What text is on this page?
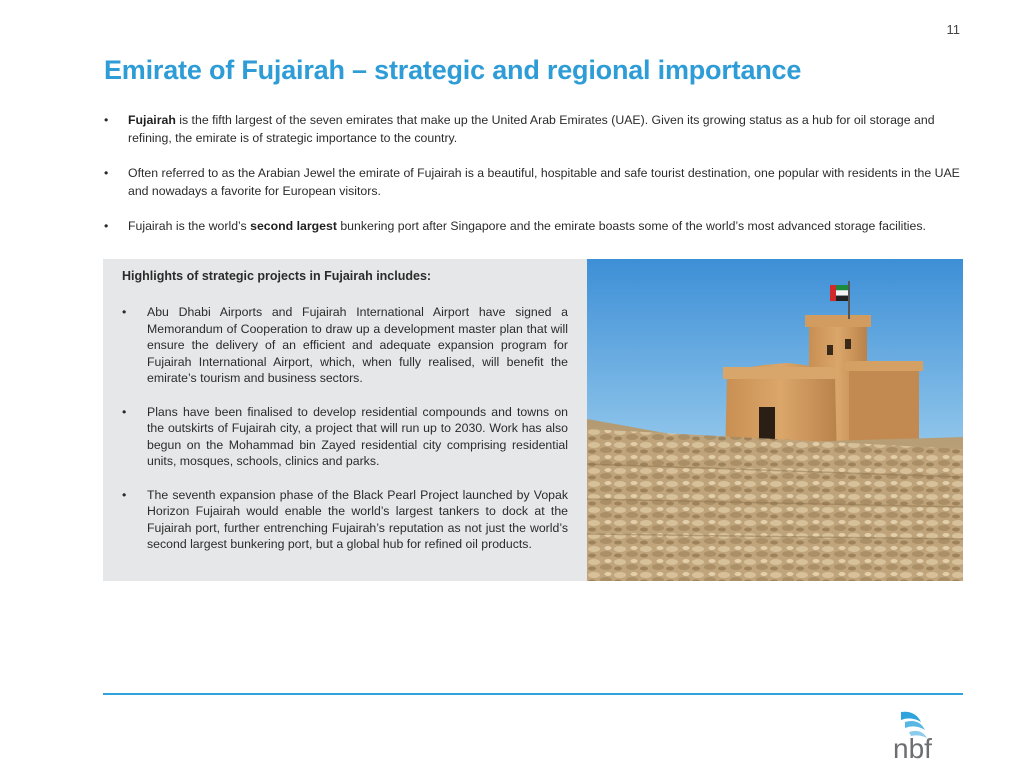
11
Emirate of Fujairah – strategic and regional importance
• Fujairah is the fifth largest of the seven emirates that make up the United Arab Emirates (UAE). Given its growing status as a hub for oil storage and refining, the emirate is of strategic importance to the country.
• Often referred to as the Arabian Jewel the emirate of Fujairah is a beautiful, hospitable and safe tourist destination, one popular with residents in the UAE and nowadays a favorite for European visitors.
• Fujairah is the world’s second largest bunkering port after Singapore and the emirate boasts some of the world’s most advanced storage facilities.

Highlights of strategic projects in Fujairah includes:

• Abu Dhabi Airports and Fujairah International Airport have signed a Memorandum of Cooperation to draw up a development master plan that will ensure the delivery of an efficient and adequate expansion program for Fujairah International Airport, which, when fully realised, will benefit the emirate’s tourism and business sectors.
• Plans have been finalised to develop residential compounds and towns on the outskirts of Fujairah city, a project that will run up to 2030. Work has also begun on the Mohammad bin Zayed residential city comprising residential units, mosques, schools, clinics and parks.
• The seventh expansion phase of the Black Pearl Project launched by Vopak Horizon Fujairah would enable the world’s largest tankers to dock at the Fujairah port, further entrenching Fujairah’s reputation as not just the world’s second largest bunkering port, but a global hub for refined oil products.
nbf
